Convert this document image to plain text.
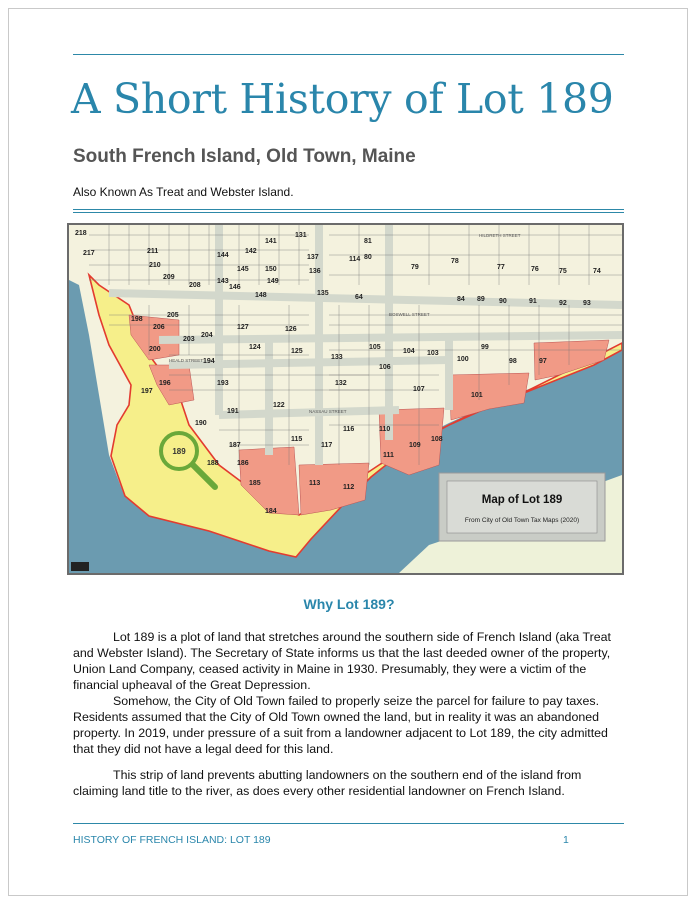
A Short History of Lot 189
South French Island, Old Town, Maine

Also Known As Treat and Webster Island.

BOSWELL STREET
HEALD STREET
NASSAU STREET
HILDRETH STREET
218
217	211
210
209
208
144
143
145
146
141
142
150
149
148
137
136
135
131
114
81
80
79
78
77	76	75	74
84 89 90	91	92 93
64
198
205
206
204
203
200
194
196
197
193
190
191
127
124
126
125
122
133
132
105
104 103
106
107
100
99
98	97
101
116
117
110
111
109
108
113
112
115
188
187
186
185
184
189
Map of Lot 189
From City of Old Town Tax Maps (2020)
Why Lot 189?

Lot 189 is a plot of land that stretches around the southern side of French Island (aka Treat and Webster Island). The Secretary of State informs us that the last deeded owner of the property, Union Land Company, ceased activity in Maine in 1930. Presumably, they were a victim of the financial upheaval of the Great Depression.

Somehow, the City of Old Town failed to properly seize the parcel for failure to pay taxes. Residents assumed that the City of Old Town owned the land, but in reality it was an abandoned property. In 2019, under pressure of a suit from a landowner adjacent to Lot 189, the city admitted that they did not have a legal deed for this land.

This strip of land prevents abutting landowners on the southern end of the island from claiming land title to the river, as does every other residential landowner on French Island.

HISTORY OF FRENCH ISLAND: LOT 189	1
